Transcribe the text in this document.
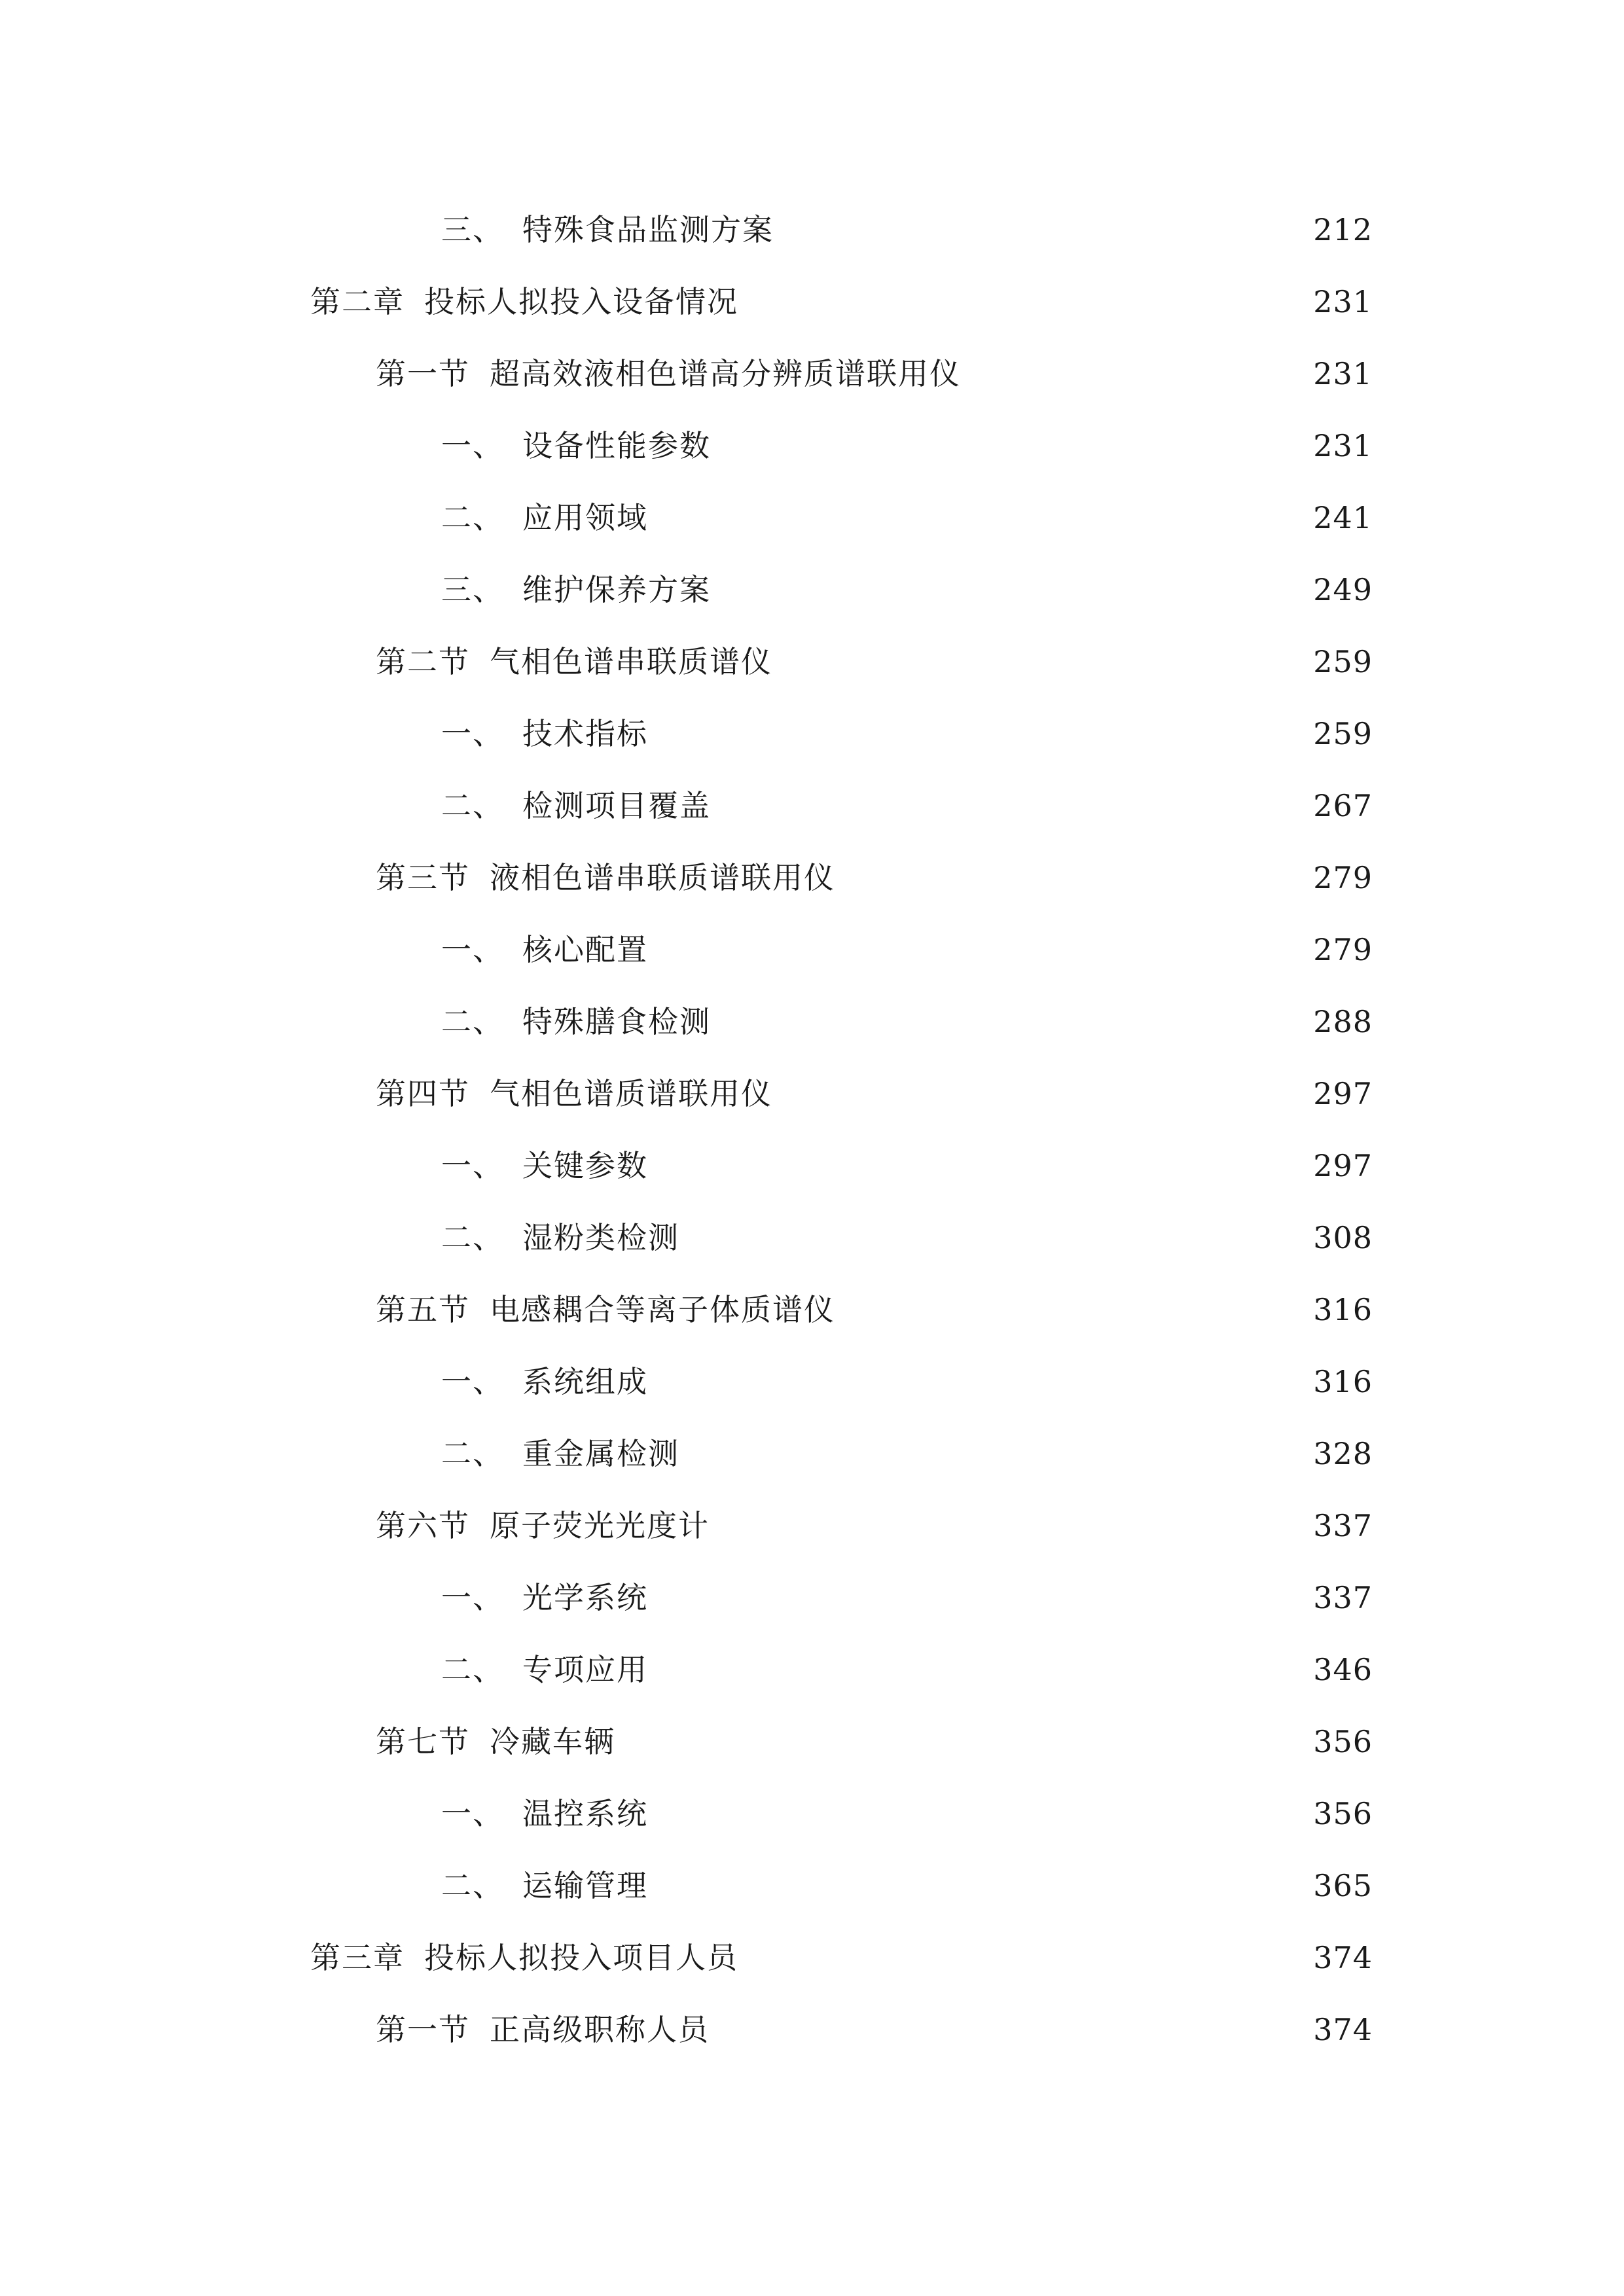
三、 特殊食品监测方案	212
第二章 投标人拟投入设备情况	231
第一节 超高效液相色谱高分辨质谱联用仪	231
一、 设备性能参数	231
二、 应用领域	241
三、 维护保养方案	249
第二节 气相色谱串联质谱仪	259
一、 技术指标	259
二、 检测项目覆盖	267
第三节 液相色谱串联质谱联用仪	279
一、 核心配置	279
二、 特殊膳食检测	288
第四节 气相色谱质谱联用仪	297
一、 关键参数	297
二、 湿粉类检测	308
第五节 电感耦合等离子体质谱仪	316
一、 系统组成	316
二、 重金属检测	328
第六节 原子荧光光度计	337
一、 光学系统	337
二、 专项应用	346
第七节 冷藏车辆	356
一、 温控系统	356
二、 运输管理	365
第三章 投标人拟投入项目人员	374
第一节 正高级职称人员	374
